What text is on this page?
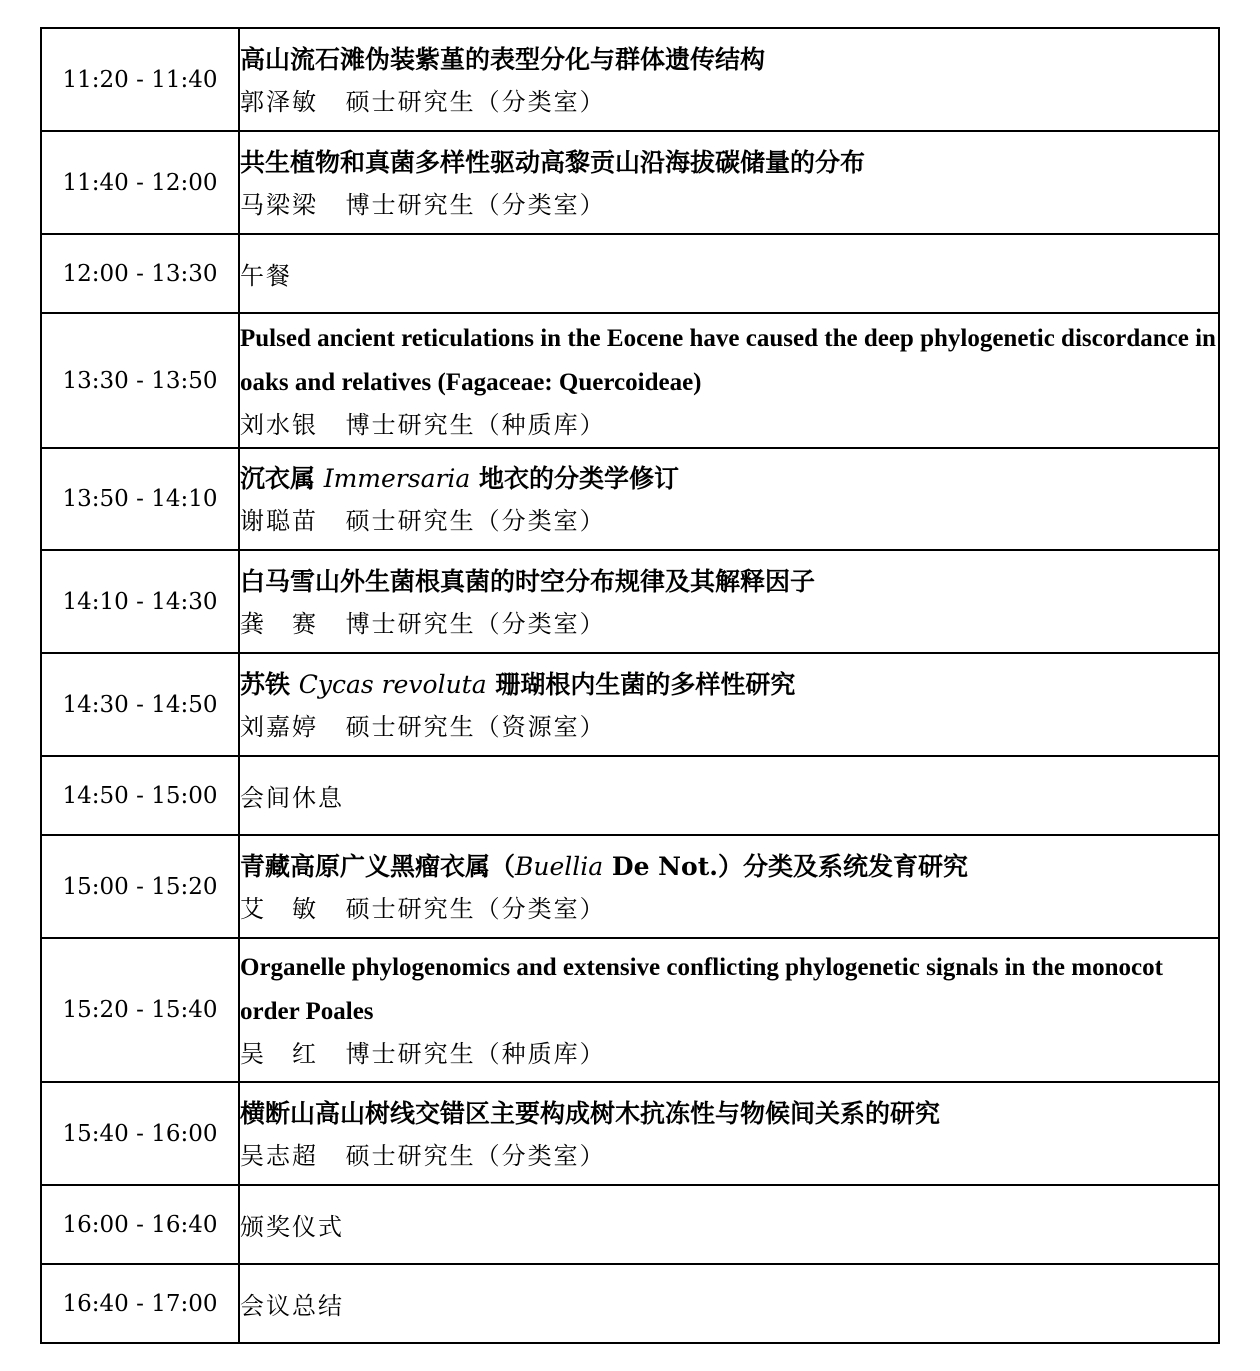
11:20 - 11:40	高山流石滩伪装紫堇的表型分化与群体遗传结构
郭泽敏 硕士研究生（分类室）

11:40 - 12:00	共生植物和真菌多样性驱动高黎贡山沿海拔碳储量的分布
马梁梁 博士研究生（分类室）

12:00 - 13:30	午餐

13:30 - 13:50	Pulsed ancient reticulations in the Eocene have caused the deep phylogenetic discordance in oaks and relatives (Fagaceae: Quercoideae)
刘水银 博士研究生（种质库）

13:50 - 14:10	沉衣属 Immersaria 地衣的分类学修订
谢聪苗 硕士研究生（分类室）

14:10 - 14:30	白马雪山外生菌根真菌的时空分布规律及其解释因子
龚　赛 博士研究生（分类室）

14:30 - 14:50	苏铁 Cycas revoluta 珊瑚根内生菌的多样性研究
刘嘉婷 硕士研究生（资源室）

14:50 - 15:00	会间休息

15:00 - 15:20	青藏高原广义黑瘤衣属（Buellia De Not.）分类及系统发育研究
艾　敏 硕士研究生（分类室）

15:20 - 15:40	Organelle phylogenomics and extensive conflicting phylogenetic signals in the monocot order Poales
吴　红 博士研究生（种质库）

15:40 - 16:00	横断山高山树线交错区主要构成树木抗冻性与物候间关系的研究
吴志超 硕士研究生（分类室）

16:00 - 16:40	颁奖仪式

16:40 - 17:00	会议总结
